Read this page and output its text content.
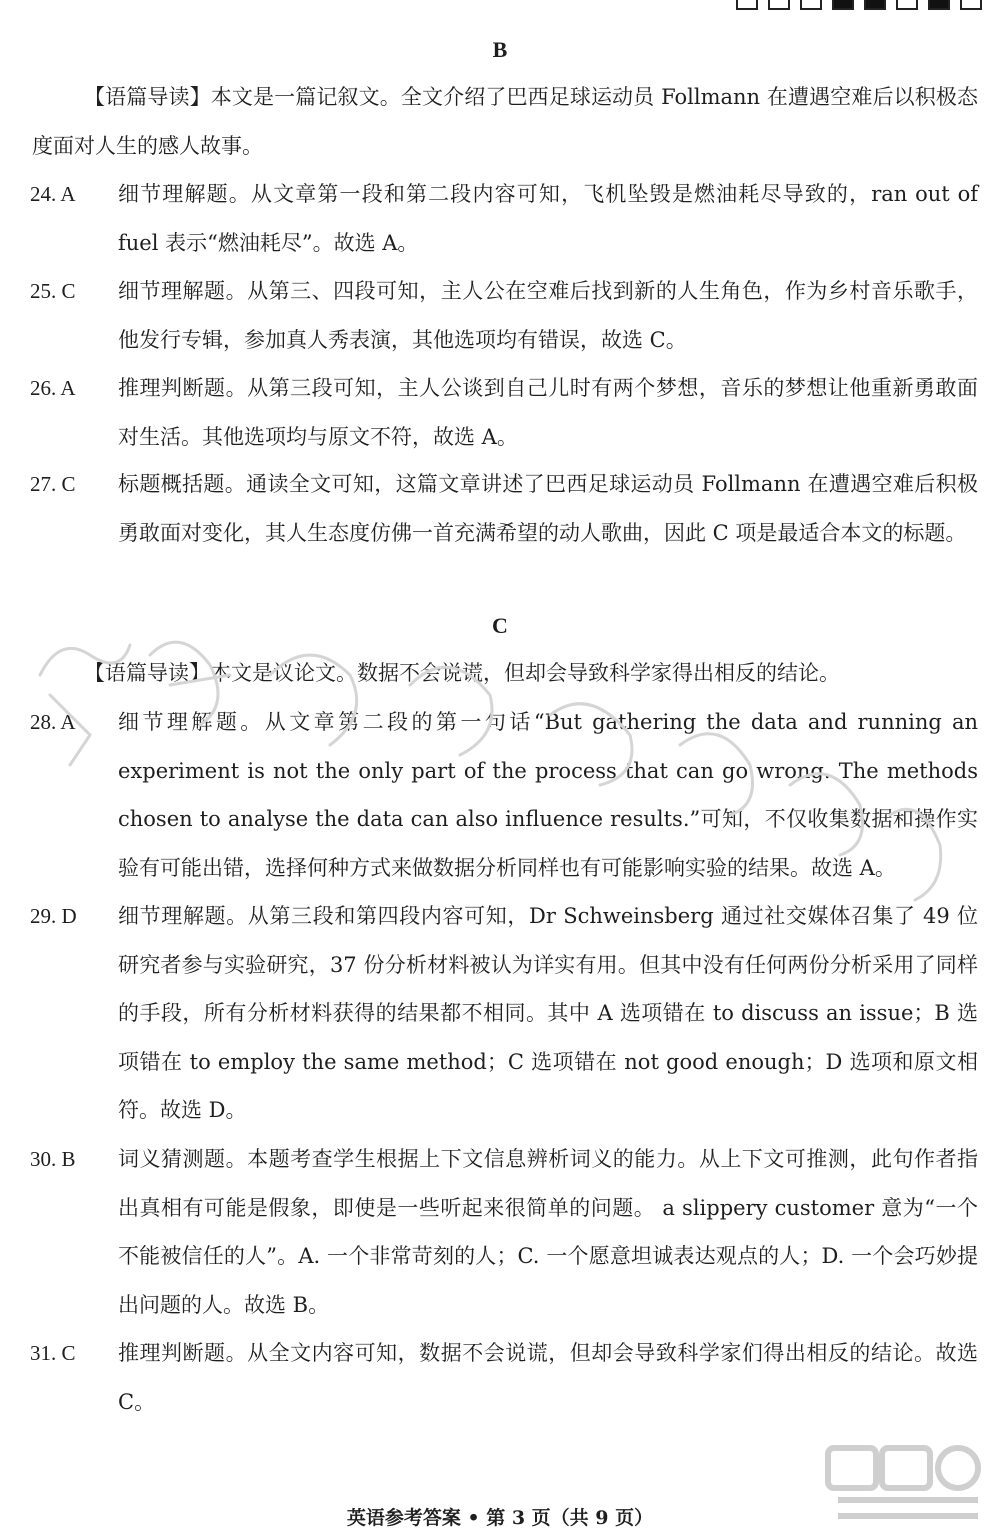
B
【语篇导读】本文是一篇记叙文。全文介绍了巴西足球运动员 Follmann 在遭遇空难后以积极态度面对人生的感人故事。
24. A	细节理解题。从文章第一段和第二段内容可知，飞机坠毁是燃油耗尽导致的，ran out of fuel 表示“燃油耗尽”。故选 A。
25. C	细节理解题。从第三、四段可知，主人公在空难后找到新的人生角色，作为乡村音乐歌手，他发行专辑，参加真人秀表演，其他选项均有错误，故选 C。
26. A	推理判断题。从第三段可知，主人公谈到自己儿时有两个梦想，音乐的梦想让他重新勇敢面对生活。其他选项均与原文不符，故选 A。
27. C	标题概括题。通读全文可知，这篇文章讲述了巴西足球运动员 Follmann 在遭遇空难后积极勇敢面对变化，其人生态度仿佛一首充满希望的动人歌曲，因此 C 项是最适合本文的标题。
C
【语篇导读】本文是议论文。数据不会说谎，但却会导致科学家得出相反的结论。
28. A	细节理解题。从文章第二段的第一句话“But gathering the data and running an experiment is not the only part of the process that can go wrong. The methods chosen to analyse the data can also influence results.”可知，不仅收集数据和操作实验有可能出错，选择何种方式来做数据分析同样也有可能影响实验的结果。故选 A。
29. D	细节理解题。从第三段和第四段内容可知，Dr Schweinsberg 通过社交媒体召集了 49 位研究者参与实验研究，37 份分析材料被认为详实有用。但其中没有任何两份分析采用了同样的手段，所有分析材料获得的结果都不相同。其中 A 选项错在 to discuss an issue；B 选项错在 to employ the same method；C 选项错在 not good enough；D 选项和原文相符。故选 D。
30. B	词义猜测题。本题考查学生根据上下文信息辨析词义的能力。从上下文可推测，此句作者指出真相有可能是假象，即使是一些听起来很简单的问题。 a slippery customer 意为“一个不能被信任的人”。A. 一个非常苛刻的人；C. 一个愿意坦诚表达观点的人；D. 一个会巧妙提出问题的人。故选 B。
31. C	推理判断题。从全文内容可知，数据不会说谎，但却会导致科学家们得出相反的结论。故选 C。
英语参考答案 • 第 3 页（共 9 页）
